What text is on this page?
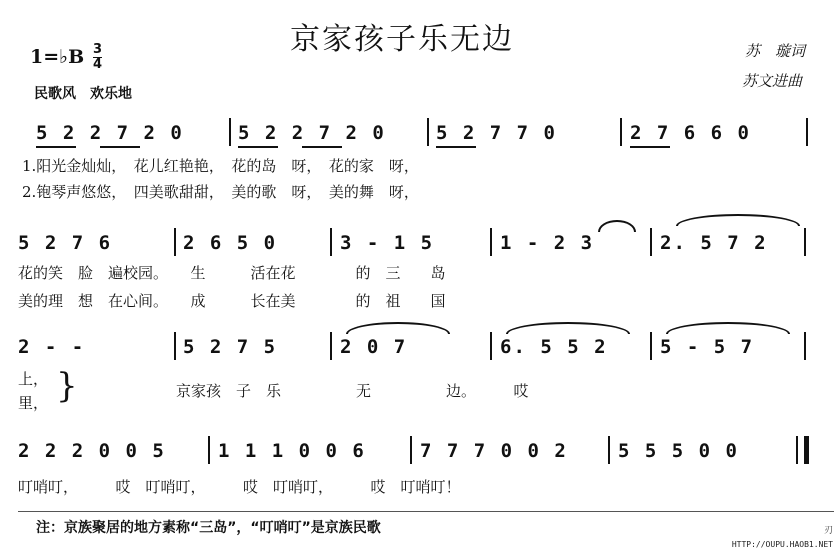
京家孩子乐无边
1=♭B 3
4
民歌风　欢乐地
苏　璇词
苏文进曲
5 2 2 7 2 0	5 2 2 7 2 0	5 2 7 7 0	2 7 6 6 0
1.阳光金灿灿，　花儿红艳艳，　花的岛　呀，　花的家　呀，
2.铇琴声悠悠，　四美歌甜甜，　美的歌　呀，　美的舞　呀，
5 2 7 6	2 6 5 0	3 - 1 5	1 - 2 3	2. 5 7 2
花的笑　脸　遍校园。　　生　　　活在花　　　　的　三　　岛
美的理　想　在心间。　　成　　　长在美　　　　的　祖　　国
2 - -	5 2 7 5	2 0 7	6. 5 5 2	5 - 5 7
上，
里， }	京家孩　子　乐　　　　　无　　　　　边。　　　哎
2 2 2 0 0 5	1 1 1 0 0 6	7 7 7 0 0 2	5 5 5 0 0
叮哨叮，　　　哎　叮哨叮，　　　哎　叮哨叮，　　　哎　叮哨叮！
注：京族聚居的地方素称“三岛”，“叮哨叮”是京族民歌	刃
HTTP://OUPU.HAOB1.NET
